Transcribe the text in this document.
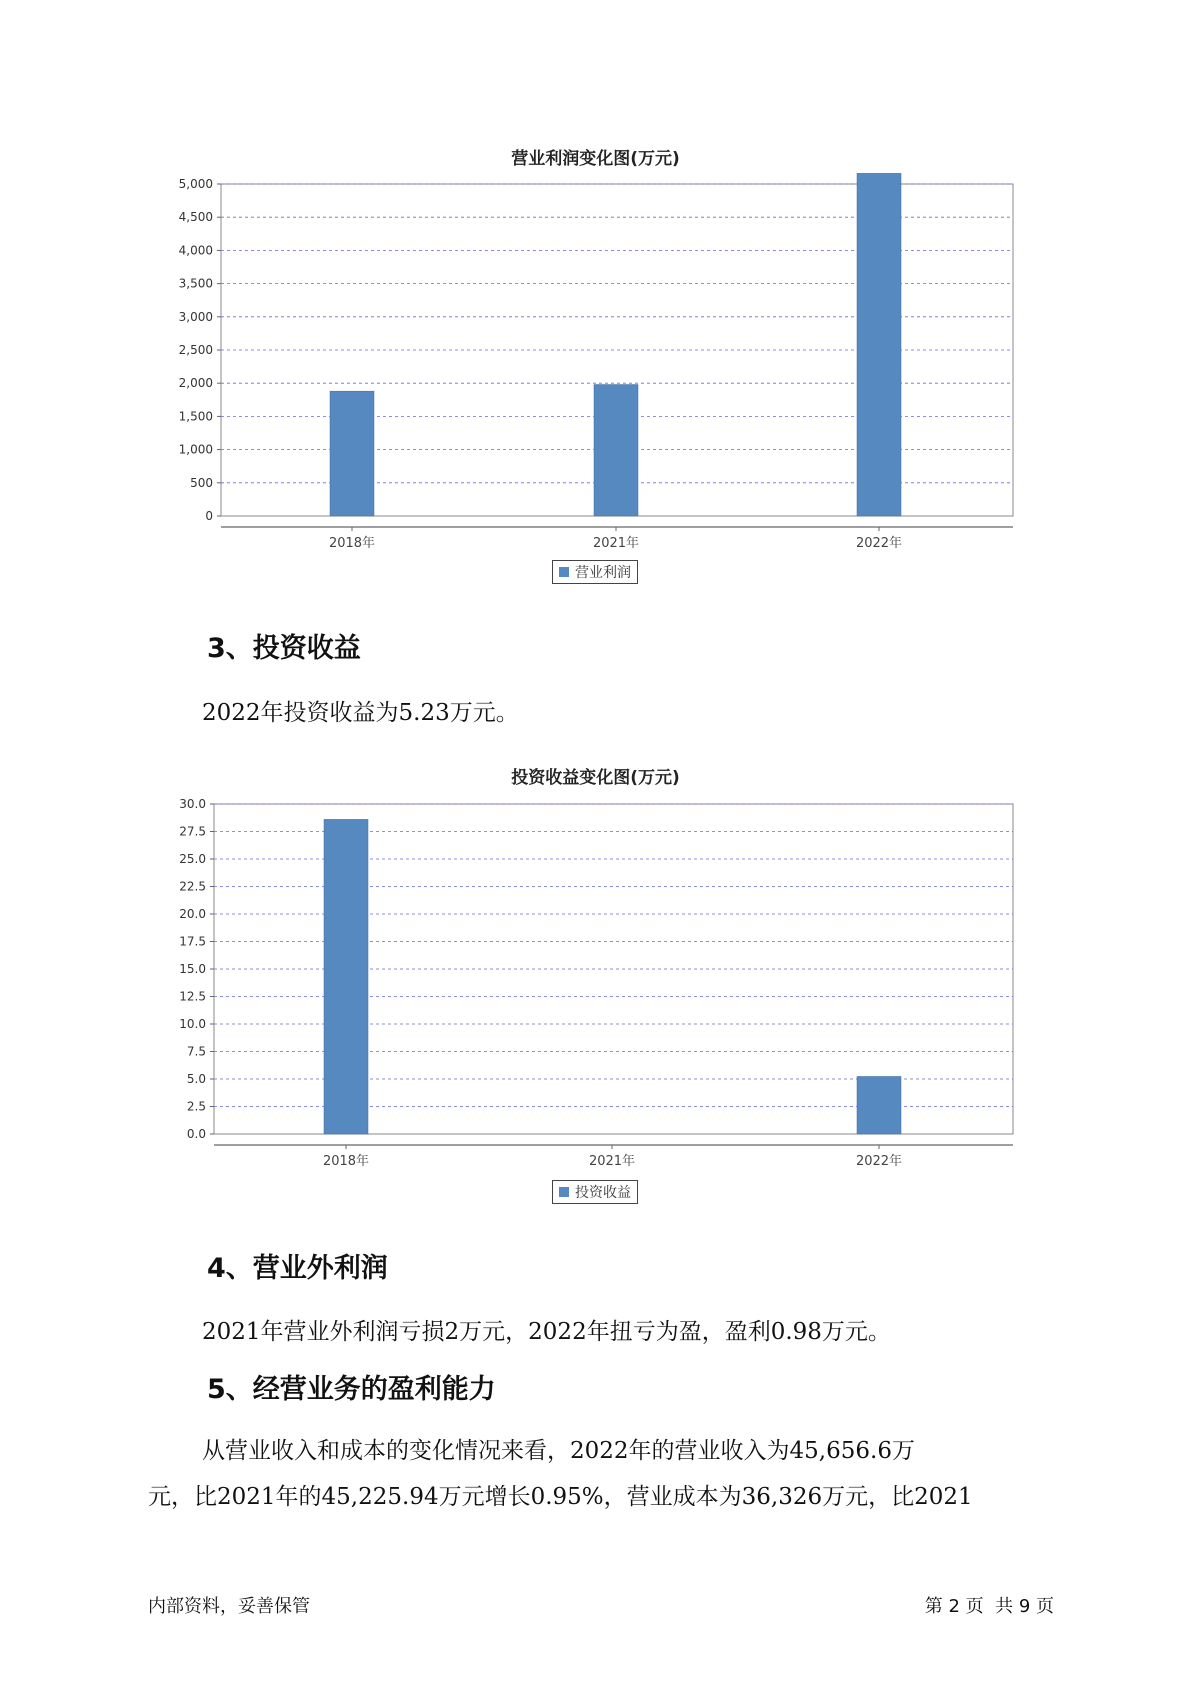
营业利润变化图(万元)
0
500
1,000
1,500
2,000
2,500
3,000
3,500
4,000
4,500
5,000
2018年	2021年	2022年
营业利润
3、投资收益
2022年投资收益为5.23万元。
投资收益变化图(万元)
0.0
2.5
5.0
7.5
10.0
12.5
15.0
17.5
20.0
22.5
25.0
27.5
30.0
2018年	2021年	2022年
投资收益
4、营业外利润
2021年营业外利润亏损2万元，2022年扭亏为盈，盈利0.98万元。
5、经营业务的盈利能力
从营业收入和成本的变化情况来看，2022年的营业收入为45,656.6万
元，比2021年的45,225.94万元增长0.95%，营业成本为36,326万元，比2021
内部资料，妥善保管	第 2 页  共 9 页
